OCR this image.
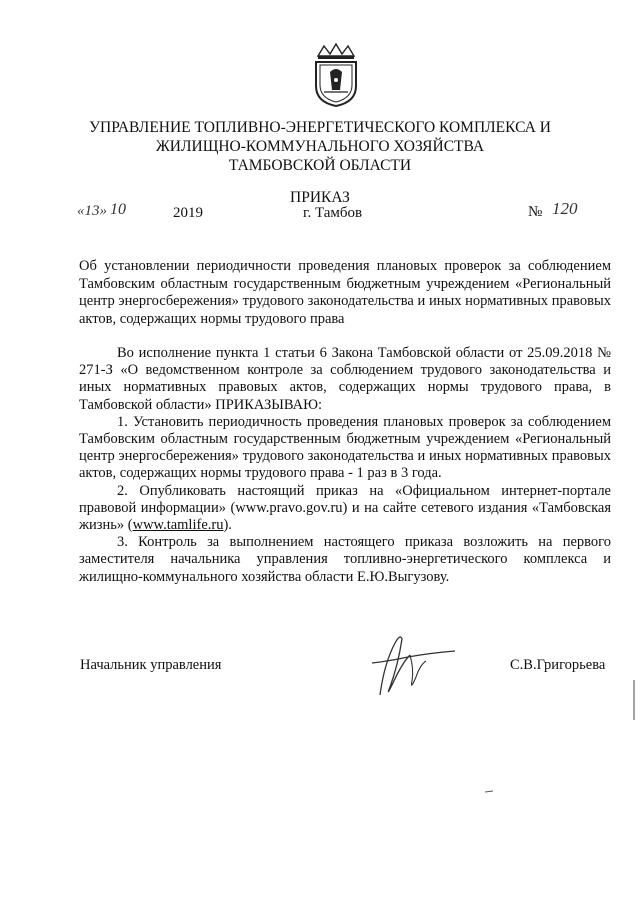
УПРАВЛЕНИЕ ТОПЛИВНО-ЭНЕРГЕТИЧЕСКОГО КОМПЛЕКСА И
ЖИЛИЩНО-КОММУНАЛЬНОГО ХОЗЯЙСТВА
ТАМБОВСКОЙ ОБЛАСТИ
ПРИКАЗ
«13» 10	2019	г. Тамбов	№ 120
Об установлении периодичности проведения плановых проверок за соблюдением Тамбовским областным государственным бюджетным учреждением «Региональный центр энергосбережения» трудового законодательства и иных нормативных правовых актов, содержащих нормы трудового права

Во исполнение пункта 1 статьи 6 Закона Тамбовской области от 25.09.2018 № 271-З «О ведомственном контроле за соблюдением трудового законодательства и иных нормативных правовых актов, содержащих нормы трудового права, в Тамбовской области» ПРИКАЗЫВАЮ:

1. Установить периодичность проведения плановых проверок за соблюдением Тамбовским областным государственным бюджетным учреждением «Региональный центр энергосбережения» трудового законодательства и иных нормативных правовых актов, содержащих нормы трудового права - 1 раз в 3 года.

2. Опубликовать настоящий приказ на «Официальном интернет-портале правовой информации» (www.pravo.gov.ru) и на сайте сетевого издания «Тамбовская жизнь» (www.tamlife.ru).

3. Контроль за выполнением настоящего приказа возложить на первого заместителя начальника управления топливно-энергетического комплекса и жилищно-коммунального хозяйства области Е.Ю.Выгузову.

Начальник управления	С.В.Григорьева
